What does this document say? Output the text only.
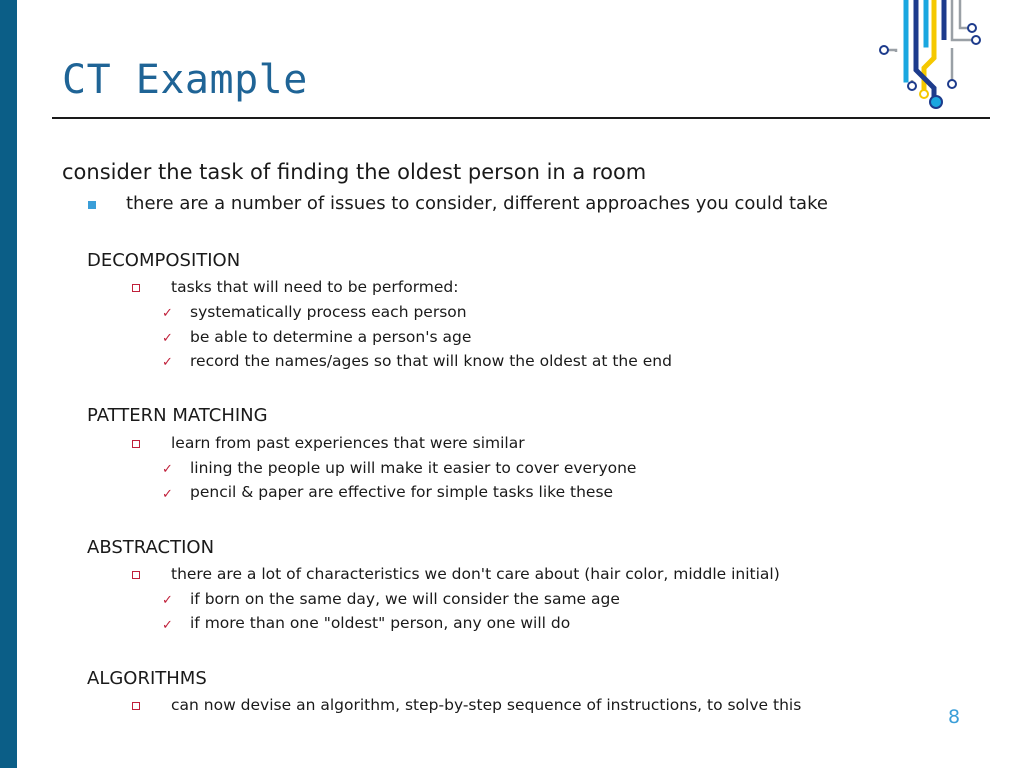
CT Example
consider the task of finding the oldest person in a room
there are a number of issues to consider, different approaches you could take
DECOMPOSITION
tasks that will need to be performed:
✓ systematically process each person
✓ be able to determine a person's age
✓ record the names/ages so that will know the oldest at the end
PATTERN MATCHING
learn from past experiences that were similar
✓ lining the people up will make it easier to cover everyone
✓ pencil & paper are effective for simple tasks like these
ABSTRACTION
there are a lot of characteristics we don't care about (hair color, middle initial)
✓ if born on the same day, we will consider the same age
✓ if more than one "oldest" person, any one will do
ALGORITHMS
can now devise an algorithm, step-by-step sequence of instructions, to solve this
8
